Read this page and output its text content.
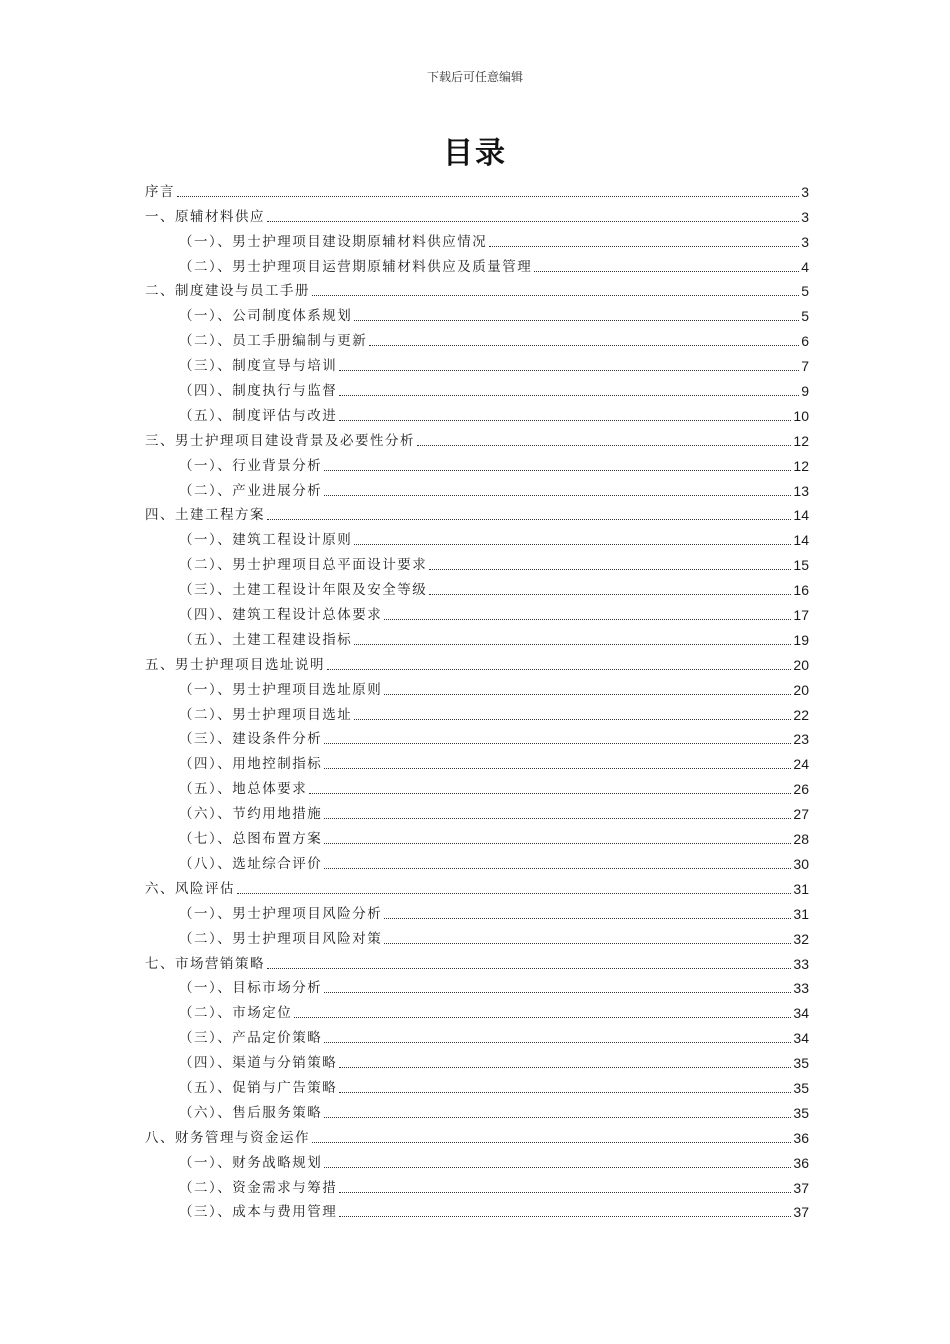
下载后可任意编辑
目录
序言	3
一、原辅材料供应	3
（一）、男士护理项目建设期原辅材料供应情况	3
（二）、男士护理项目运营期原辅材料供应及质量管理	4
二、制度建设与员工手册	5
（一）、公司制度体系规划	5
（二）、员工手册编制与更新	6
（三）、制度宣导与培训	7
（四）、制度执行与监督	9
（五）、制度评估与改进	10
三、男士护理项目建设背景及必要性分析	12
（一）、行业背景分析	12
（二）、产业进展分析	13
四、土建工程方案	14
（一）、建筑工程设计原则	14
（二）、男士护理项目总平面设计要求	15
（三）、土建工程设计年限及安全等级	16
（四）、建筑工程设计总体要求	17
（五）、土建工程建设指标	19
五、男士护理项目选址说明	20
（一）、男士护理项目选址原则	20
（二）、男士护理项目选址	22
（三）、建设条件分析	23
（四）、用地控制指标	24
（五）、地总体要求	26
（六）、节约用地措施	27
（七）、总图布置方案	28
（八）、选址综合评价	30
六、风险评估	31
（一）、男士护理项目风险分析	31
（二）、男士护理项目风险对策	32
七、市场营销策略	33
（一）、目标市场分析	33
（二）、市场定位	34
（三）、产品定价策略	34
（四）、渠道与分销策略	35
（五）、促销与广告策略	35
（六）、售后服务策略	35
八、财务管理与资金运作	36
（一）、财务战略规划	36
（二）、资金需求与筹措	37
（三）、成本与费用管理	37
